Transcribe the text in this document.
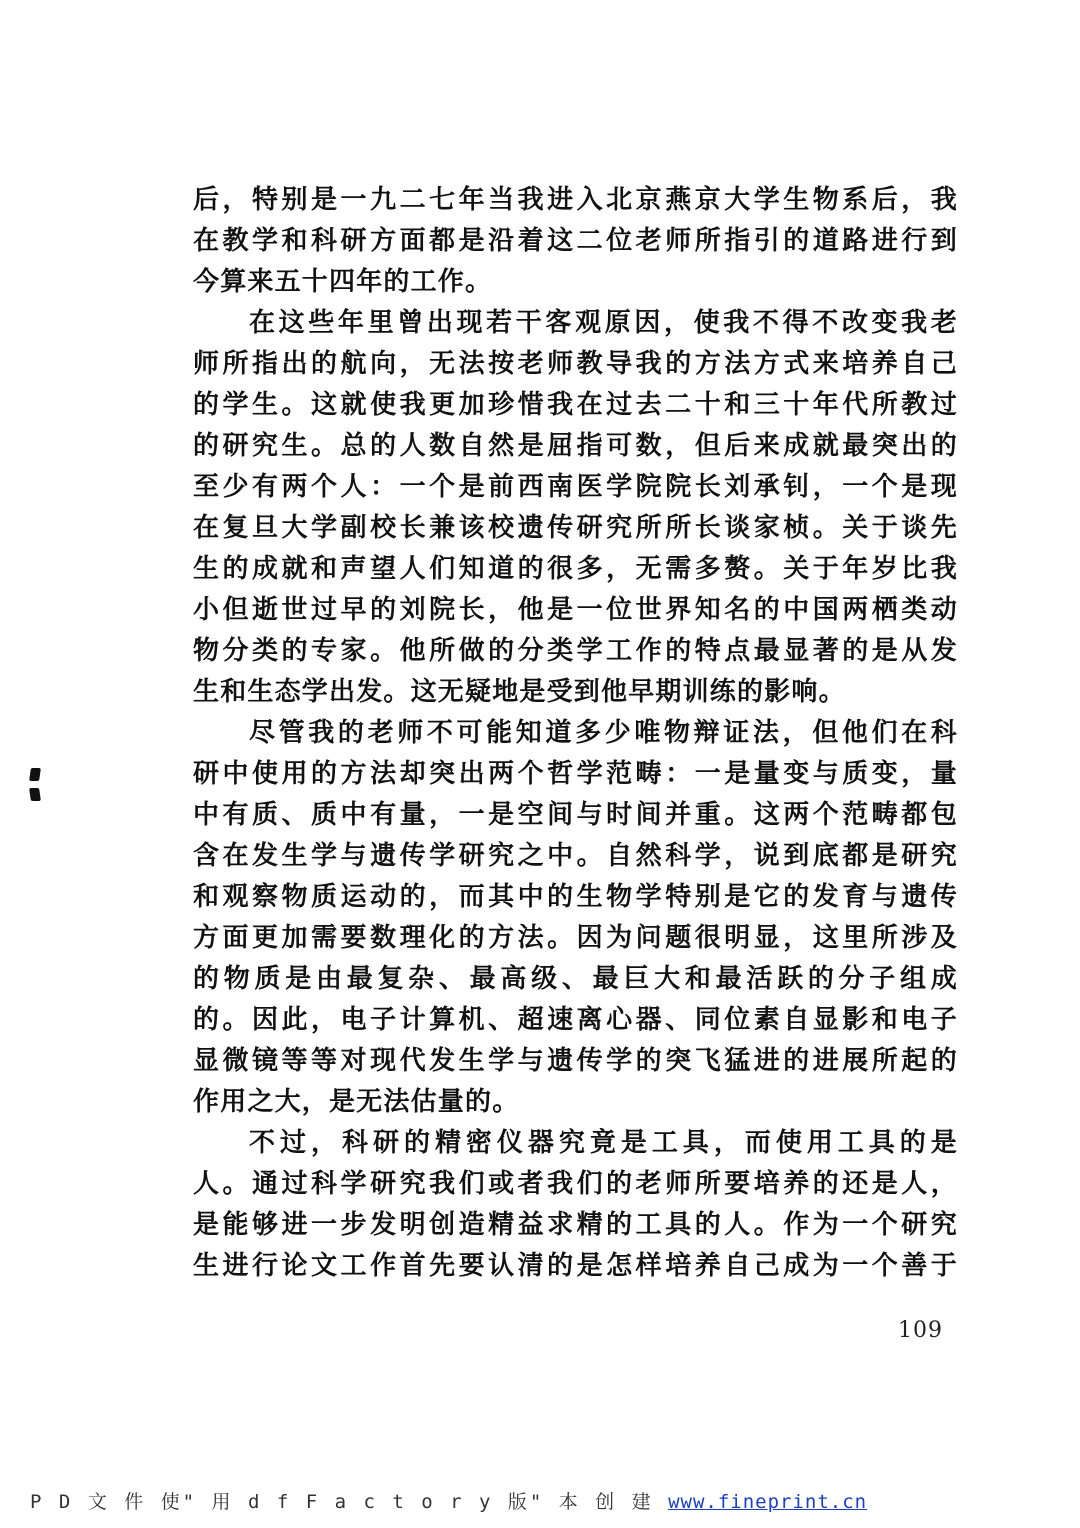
后，特别是一九二七年当我进入北京燕京大学生物系后，我
在教学和科研方面都是沿着这二位老师所指引的道路进行到
今算来五十四年的工作。

在这些年里曾出现若干客观原因，使我不得不改变我老
师所指出的航向，无法按老师教导我的方法方式来培养自己
的学生。这就使我更加珍惜我在过去二十和三十年代所教过
的研究生。总的人数自然是屈指可数，但后来成就最突出的
至少有两个人：一个是前西南医学院院长刘承钊，一个是现
在复旦大学副校长兼该校遗传研究所所长谈家桢。关于谈先
生的成就和声望人们知道的很多，无需多赘。关于年岁比我
小但逝世过早的刘院长，他是一位世界知名的中国两栖类动
物分类的专家。他所做的分类学工作的特点最显著的是从发
生和生态学出发。这无疑地是受到他早期训练的影响。

尽管我的老师不可能知道多少唯物辩证法，但他们在科
研中使用的方法却突出两个哲学范畴：一是量变与质变，量
中有质、质中有量，一是空间与时间并重。这两个范畴都包
含在发生学与遗传学研究之中。自然科学，说到底都是研究
和观察物质运动的，而其中的生物学特别是它的发育与遗传
方面更加需要数理化的方法。因为问题很明显，这里所涉及
的物质是由最复杂、最高级、最巨大和最活跃的分子组成
的。因此，电子计算机、超速离心器、同位素自显影和电子
显微镜等等对现代发生学与遗传学的突飞猛进的进展所起的
作用之大，是无法估量的。

不过，科研的精密仪器究竟是工具，而使用工具的是
人。通过科学研究我们或者我们的老师所要培养的还是人，
是能够进一步发明创造精益求精的工具的人。作为一个研究
生进行论文工作首先要认清的是怎样培养自己成为一个善于

109
P D 文 件 使" 用 d f F a c t o r y 版" 本 创 建 www.fineprint.cn
